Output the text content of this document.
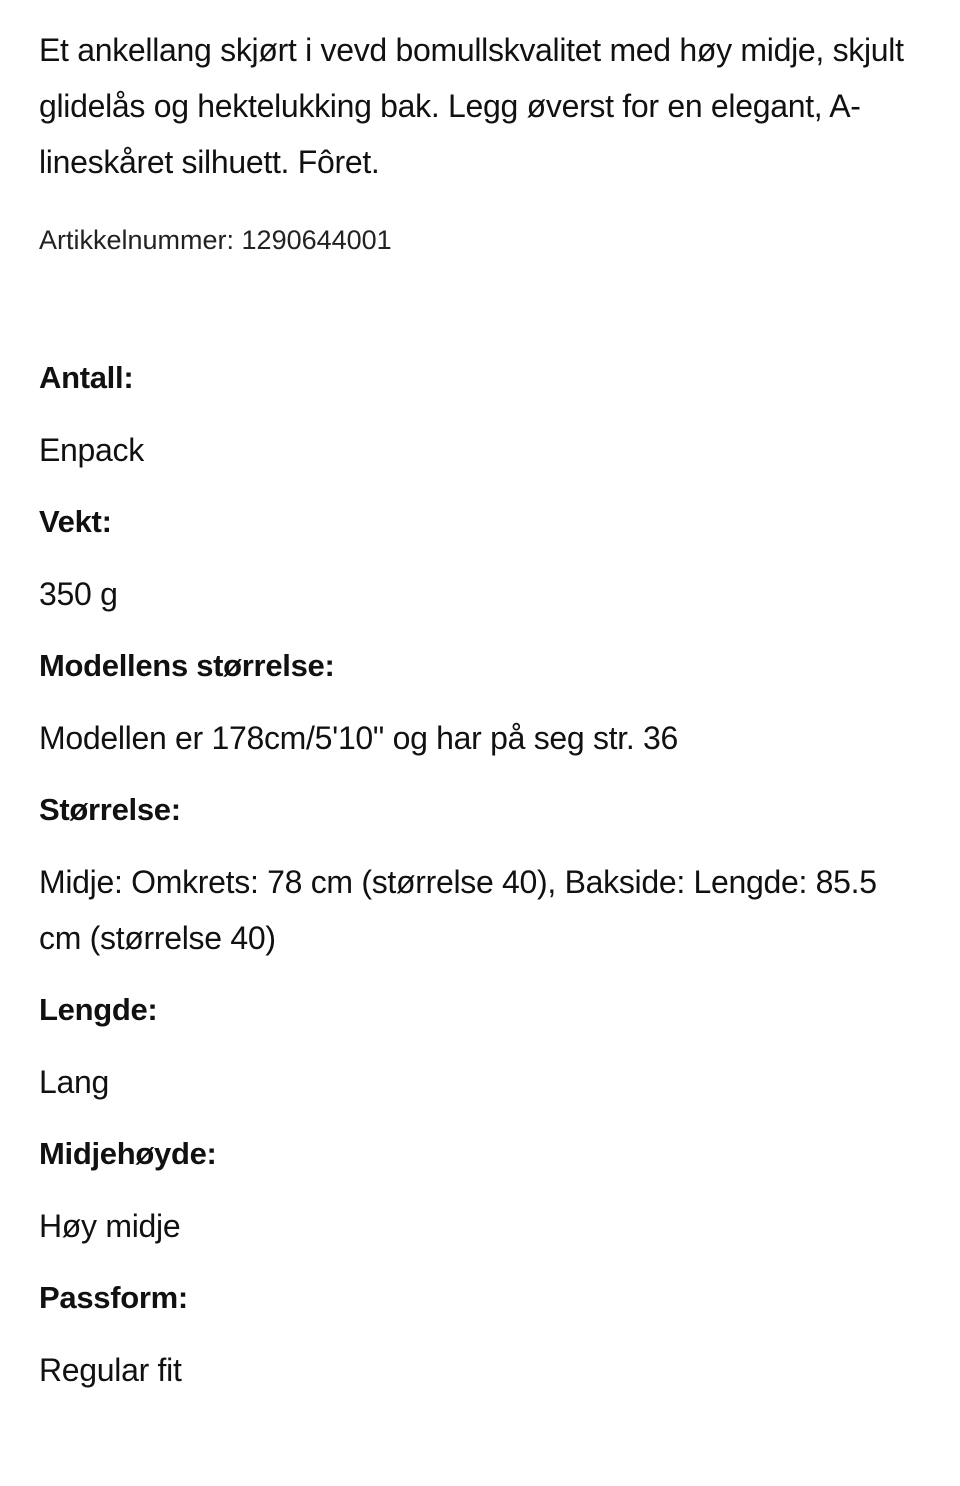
Et ankellang skjørt i vevd bomullskvalitet med høy midje, skjult glidelås og hektelukking bak. Legg øverst for en elegant, A-lineskåret silhuett. Fôret.

Artikkelnummer: 1290644001
Antall:
Enpack
Vekt:
350 g
Modellens størrelse:
Modellen er 178cm/5'10" og har på seg str. 36
Størrelse:
Midje: Omkrets: 78 cm (størrelse 40), Bakside: Lengde: 85.5 cm (størrelse 40)
Lengde:
Lang
Midjehøyde:
Høy midje
Passform:
Regular fit
